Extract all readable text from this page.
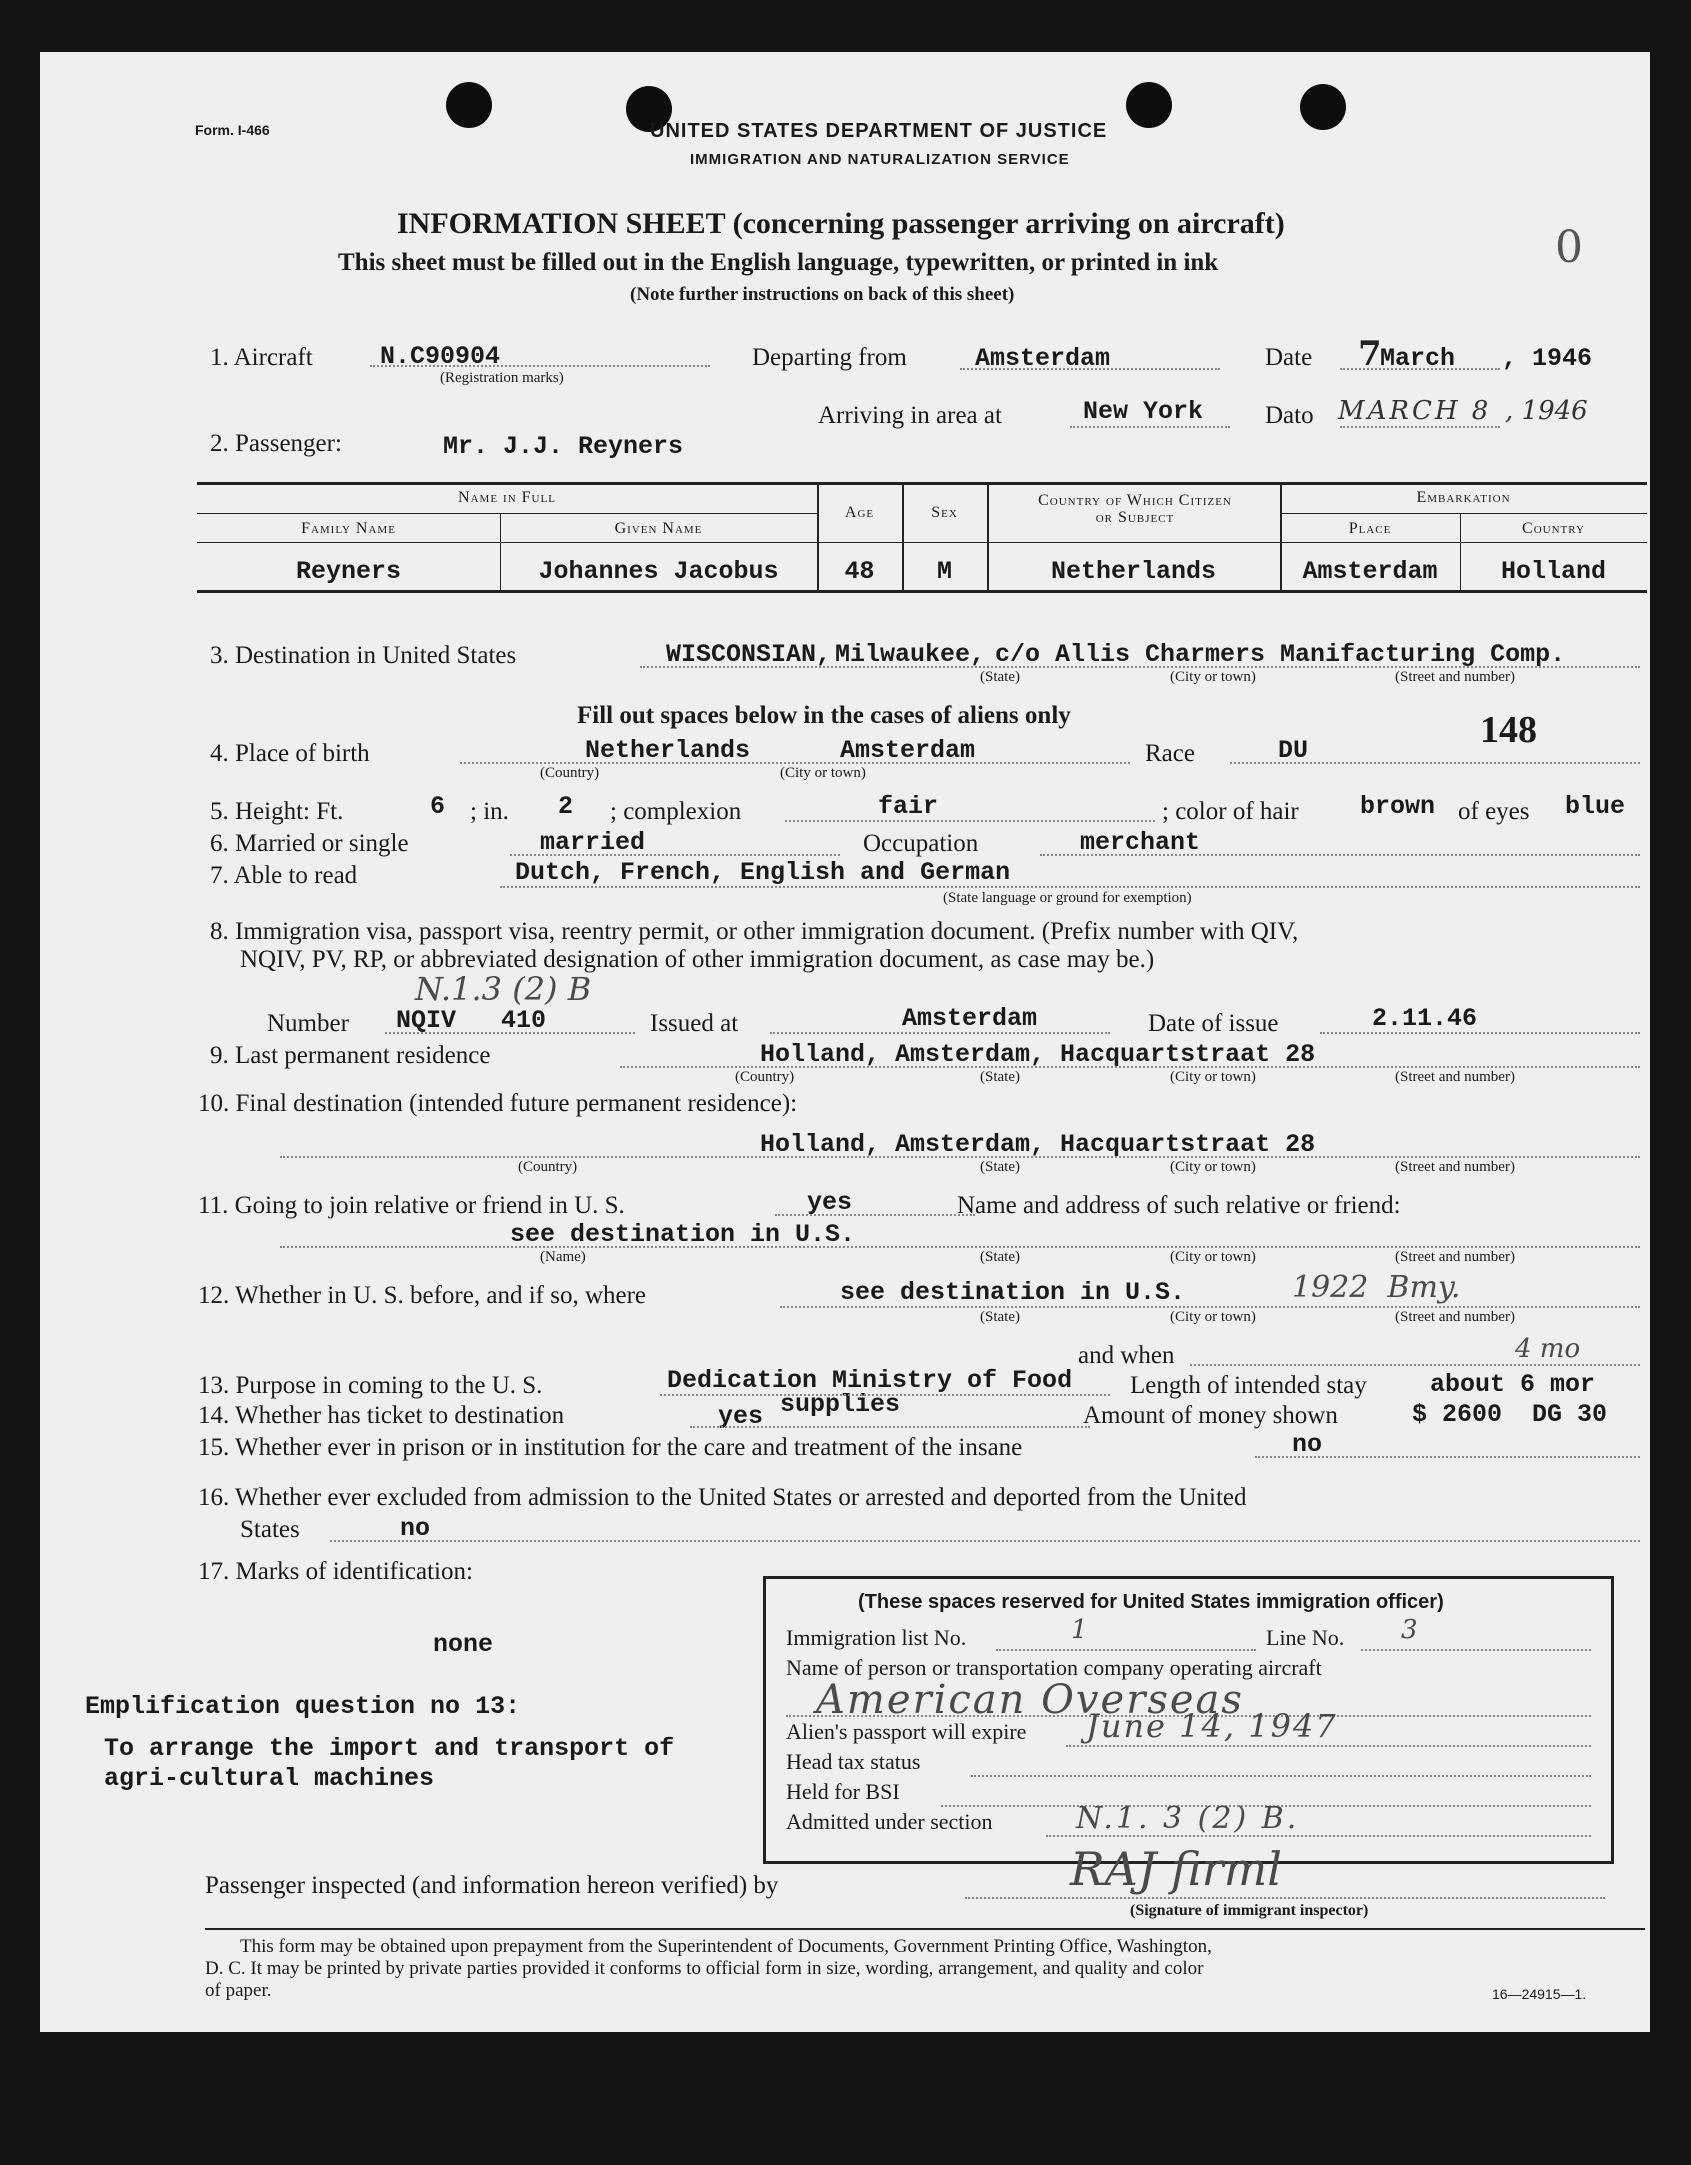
Form. I-466	UNITED STATES DEPARTMENT OF JUSTICE
IMMIGRATION AND NATURALIZATION SERVICE
INFORMATION SHEET (concerning passenger arriving on aircraft)
This sheet must be filled out in the English language, typewritten, or printed in ink
(Note further instructions on back of this sheet)
0
1. Aircraft	N.C90904
(Registration marks)
Departing from	Amsterdam	Date 7
March , 1946
Arriving in area at	New York Dato MARCH 8 , 1946
2. Passenger:	Mr. J.J. Reyners
Name in Full
Family Name	Given Name
Age	Sex
Country of Which Citizen or Subject
Embarkation
Place	Country
Reyners	Johannes Jacobus	48	M	Netherlands	Amsterdam	Holland
3. Destination in United States	WISCONSIAN, Milwaukee, c/o Allis Charmers Manifacturing Comp.
(State)	(City or town)	(Street and number)
Fill out spaces below in the cases of aliens only
4. Place of birth	Netherlands	Amsterdam
(Country)	(City or town)
Race	DU	148
5. Height: Ft.	6 ; in. 2 ; complexion	fair	; color of hair brown of eyes blue
6. Married or single	married	Occupation	merchant
7. Able to read	Dutch, French, English and German
(State language or ground for exemption)
8. Immigration visa, passport visa, reentry permit, or other immigration document. (Prefix number with QIV,
NQIV, PV, RP, or abbreviated designation of other immigration document, as case may be.)
N.1.3 (2) B
Number NQIV   410	Issued at	Amsterdam	Date of issue	2.11.46
9. Last permanent residence	Holland, Amsterdam, Hacquartstraat 28
(Country)	(State)	(City or town)	(Street and number)
10. Final destination (intended future permanent residence):
Holland, Amsterdam, Hacquartstraat 28
(Country)	(State)	(City or town)	(Street and number)
11. Going to join relative or friend in U. S.	yes	Name and address of such relative or friend:
see destination in U.S.
(Name)	(State)	(City or town)	(Street and number)
12. Whether in U. S. before, and if so, where	see destination in U.S.	1922  Bmy.
(State)	(City or town)	(Street and number)
and when
13. Purpose in coming to the U. S.	Dedication Ministry of Food
supplies
Length of intended stay	about 6 mor
4 mo
14. Whether has ticket to destination	yes	Amount of money shown	$ 2600  DG 30
15. Whether ever in prison or in institution for the care and treatment of the insane	no
16. Whether ever excluded from admission to the United States or arrested and deported from the United
States	no
17. Marks of identification:
none
Emplification question no 13:
To arrange the import and transport of
agri-cultural machines
(These spaces reserved for United States immigration officer)
Immigration list No.	1	Line No. 3
Name of person or transportation company operating aircraft
American Overseas
Alien's passport will expire June 14, 1947
Head tax status
Held for BSI
Admitted under section	N.1. 3 (2) B.
Passenger inspected (and information hereon verified) by	RAJ firml
(Signature of immigrant inspector)
This form may be obtained upon prepayment from the Superintendent of Documents, Government Printing Office, Washington,
D. C. It may be printed by private parties provided it conforms to official form in size, wording, arrangement, and quality and color
of paper.	16—24915—1.
